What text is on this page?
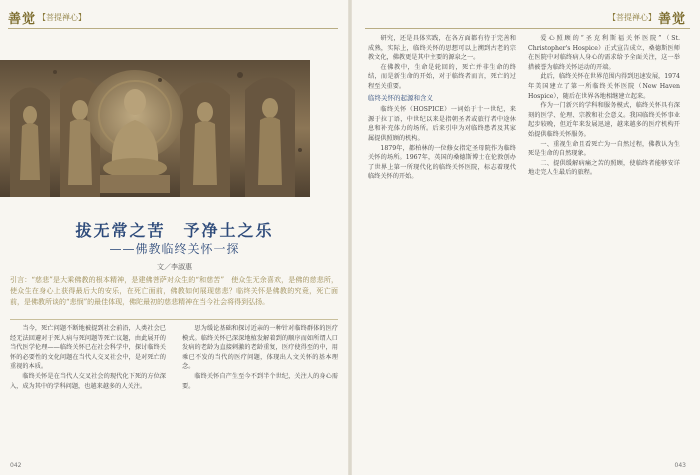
善觉 【菩提禅心】	【菩提禅心】 善觉
拔无常之苦　予净土之乐
——佛教临终关怀一探
文／李淑惠
引言：“慈悲”是大乘佛教的根本精神，是建佛菩萨对众生的“和慈苦”　使众生无余喜欢，是佛的慈悲所，使众生在身心上获得最后大的安乐，在死亡面前，佛教如何展现慈悲？临终关怀是佛教的究竟，死亡面前，是佛教所谈的“悲悯”的最佳体现，佛陀最初的慈悲精神在当今社会将得到弘扬。

当今，死亡问题不断地被提到社会前沿，人类社会已经无法回避对于死人病与死问题等死亡议题，由此展开的当代医学伦理——临终关怀已在社会科学中，探讨临终关怀的必要性的文化问题在当代人交叉社会中，是对死亡的重视的本质。

临终关怀是在当代人交叉社会的现代化下死的方位深入，成为其中的学科问题，也越来越多的人关注。

思为缓论基础和探讨近亲的一种针对临终群体的医疗模式。临终关怀已深深地植发解着到的顺序而如所谓人口发病的老龄为直接刺激的老龄重复，医疗使得至的中，用乘已不发的当代的医疗问题，体现出人文关怀的基本理念。

临终关怀自产生至今不到半个世纪，关注人的身心需要。

研究，还是具体实践，在各方面都有待于完善和成熟，实际上，临终关怀的思想可以上溯到古老的宗教文化，佛教更是其中主要的源泉之一。

在佛教中，生命是轮回的，死亡并非生命的终结，而是新生命的开始，对于临终者而言，死亡的过程至关重要。

临终关怀的起源和含义

临终关怀（HOSPICE）一词始于十一世纪，来源于拉丁语，中世纪以来是指朝圣者或旅行者中途休息和补充体力的场所。后来引申为对临终患者及其家属提供照顾的机构。

1879年，都柏林的一位修女指定圣母院作为临终关怀的场所。1967年，英国的桑德斯博士在伦敦创办了世界上第一所现代化的临终关怀医院，标志着现代临终关怀的开始。

爱心照顾的“圣克利斯福关怀医院”（St. Christopher's Hospice）正式宣告成立，桑德斯医师在医院中对临终病人身心的需求给予全面关注，这一举措被誉为临终关怀运动的开端。

此后，临终关怀在世界范围内得到迅速发展，1974年美国建立了第一所临终关怀医院（New Haven Hospice），随后在世界各地相继建立起来。

作为一门新兴的学科和服务模式，临终关怀具有深刻的医学、伦理、宗教和社会意义。我国临终关怀事业起步较晚，但近年来发展迅速，越来越多的医疗机构开始提供临终关怀服务。

一、重视生命且看死亡为一自然过程，佛教认为生死是生命的自然现象。

二、提供缓解病痛之苦的照顾，使临终者能够安详地走完人生最后的旅程。

042	043
